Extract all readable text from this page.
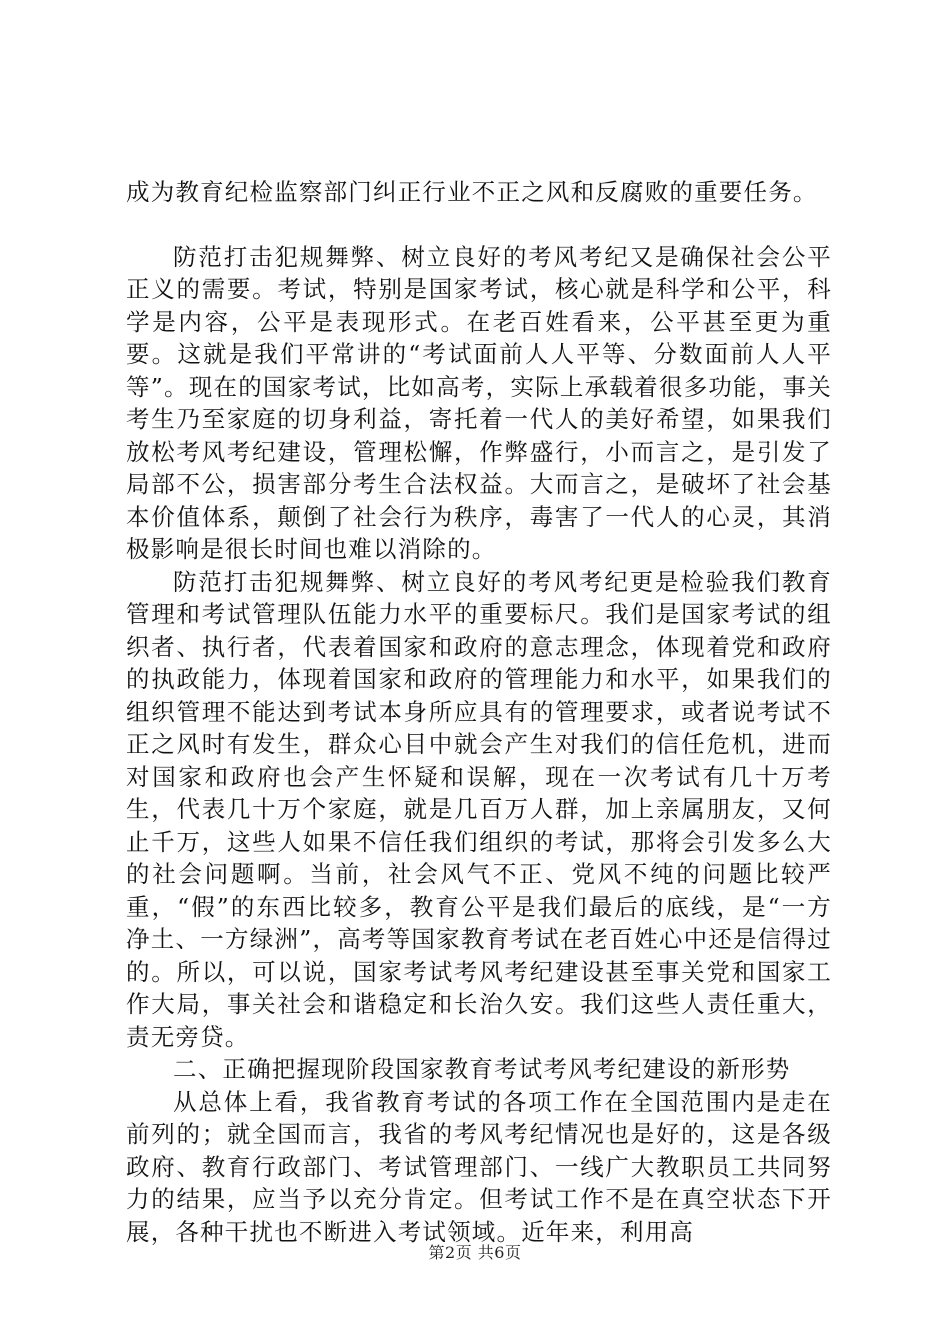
成为教育纪检监察部门纠正行业不正之风和反腐败的重要任务。

防范打击犯规舞弊、树立良好的考风考纪又是确保社会公平正义的需要。考试，特别是国家考试，核心就是科学和公平，科学是内容，公平是表现形式。在老百姓看来，公平甚至更为重要。这就是我们平常讲的“考试面前人人平等、分数面前人人平等”。现在的国家考试，比如高考，实际上承载着很多功能，事关考生乃至家庭的切身利益，寄托着一代人的美好希望，如果我们放松考风考纪建设，管理松懈，作弊盛行，小而言之，是引发了局部不公，损害部分考生合法权益。大而言之，是破坏了社会基本价值体系，颠倒了社会行为秩序，毒害了一代人的心灵，其消极影响是很长时间也难以消除的。

防范打击犯规舞弊、树立良好的考风考纪更是检验我们教育管理和考试管理队伍能力水平的重要标尺。我们是国家考试的组织者、执行者，代表着国家和政府的意志理念，体现着党和政府的执政能力，体现着国家和政府的管理能力和水平，如果我们的组织管理不能达到考试本身所应具有的管理要求，或者说考试不正之风时有发生，群众心目中就会产生对我们的信任危机，进而对国家和政府也会产生怀疑和误解，现在一次考试有几十万考生，代表几十万个家庭，就是几百万人群，加上亲属朋友，又何止千万，这些人如果不信任我们组织的考试，那将会引发多么大的社会问题啊。当前，社会风气不正、党风不纯的问题比较严重，“假”的东西比较多，教育公平是我们最后的底线，是“一方净土、一方绿洲”，高考等国家教育考试在老百姓心中还是信得过的。所以，可以说，国家考试考风考纪建设甚至事关党和国家工作大局，事关社会和谐稳定和长治久安。我们这些人责任重大，责无旁贷。

二、正确把握现阶段国家教育考试考风考纪建设的新形势

从总体上看，我省教育考试的各项工作在全国范围内是走在前列的；就全国而言，我省的考风考纪情况也是好的，这是各级政府、教育行政部门、考试管理部门、一线广大教职员工共同努力的结果，应当予以充分肯定。但考试工作不是在真空状态下开展，各种干扰也不断进入考试领域。近年来，利用高

第2页 共6页
